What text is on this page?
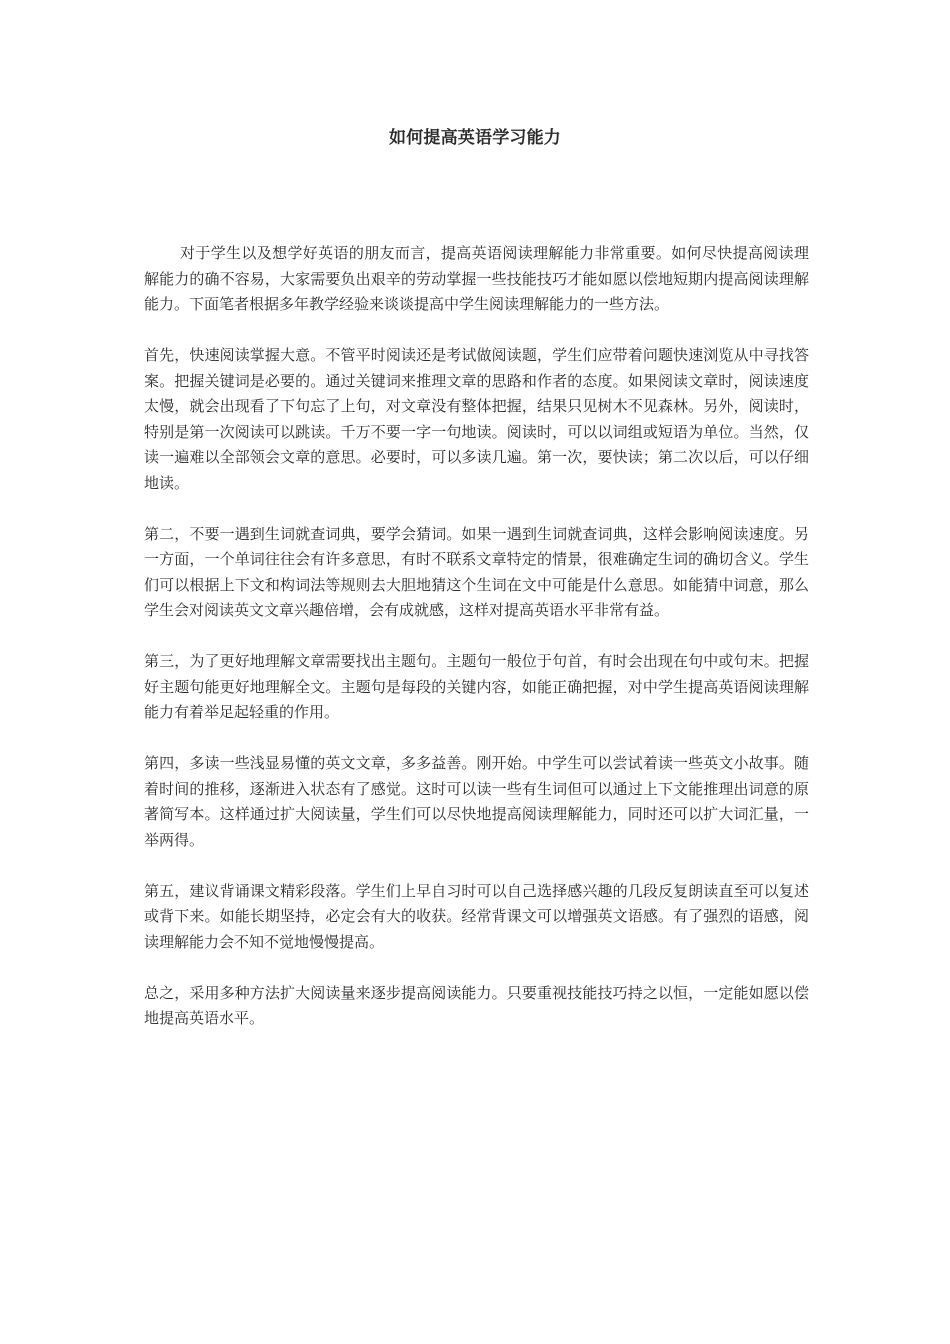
如何提高英语学习能力

对于学生以及想学好英语的朋友而言，提高英语阅读理解能力非常重要。如何尽快提高阅读理解能力的确不容易，大家需要负出艰辛的劳动掌握一些技能技巧才能如愿以偿地短期内提高阅读理解能力。下面笔者根据多年教学经验来谈谈提高中学生阅读理解能力的一些方法。

首先，快速阅读掌握大意。不管平时阅读还是考试做阅读题，学生们应带着问题快速浏览从中寻找答案。把握关键词是必要的。通过关键词来推理文章的思路和作者的态度。如果阅读文章时，阅读速度太慢，就会出现看了下句忘了上句，对文章没有整体把握，结果只见树木不见森林。另外，阅读时，特别是第一次阅读可以跳读。千万不要一字一句地读。阅读时，可以以词组或短语为单位。当然，仅读一遍难以全部领会文章的意思。必要时，可以多读几遍。第一次，要快读；第二次以后，可以仔细地读。

第二，不要一遇到生词就查词典，要学会猜词。如果一遇到生词就查词典，这样会影响阅读速度。另一方面，一个单词往往会有许多意思，有时不联系文章特定的情景，很难确定生词的确切含义。学生们可以根据上下文和构词法等规则去大胆地猜这个生词在文中可能是什么意思。如能猜中词意，那么学生会对阅读英文文章兴趣倍增，会有成就感，这样对提高英语水平非常有益。

第三，为了更好地理解文章需要找出主题句。主题句一般位于句首，有时会出现在句中或句末。把握好主题句能更好地理解全文。主题句是每段的关键内容，如能正确把握，对中学生提高英语阅读理解能力有着举足起轻重的作用。

第四，多读一些浅显易懂的英文文章，多多益善。刚开始。中学生可以尝试着读一些英文小故事。随着时间的推移，逐渐进入状态有了感觉。这时可以读一些有生词但可以通过上下文能推理出词意的原著简写本。这样通过扩大阅读量，学生们可以尽快地提高阅读理解能力，同时还可以扩大词汇量，一举两得。

第五，建议背诵课文精彩段落。学生们上早自习时可以自己选择感兴趣的几段反复朗读直至可以复述或背下来。如能长期坚持，必定会有大的收获。经常背课文可以增强英文语感。有了强烈的语感，阅读理解能力会不知不觉地慢慢提高。

总之，采用多种方法扩大阅读量来逐步提高阅读能力。只要重视技能技巧持之以恒，一定能如愿以偿地提高英语水平。
